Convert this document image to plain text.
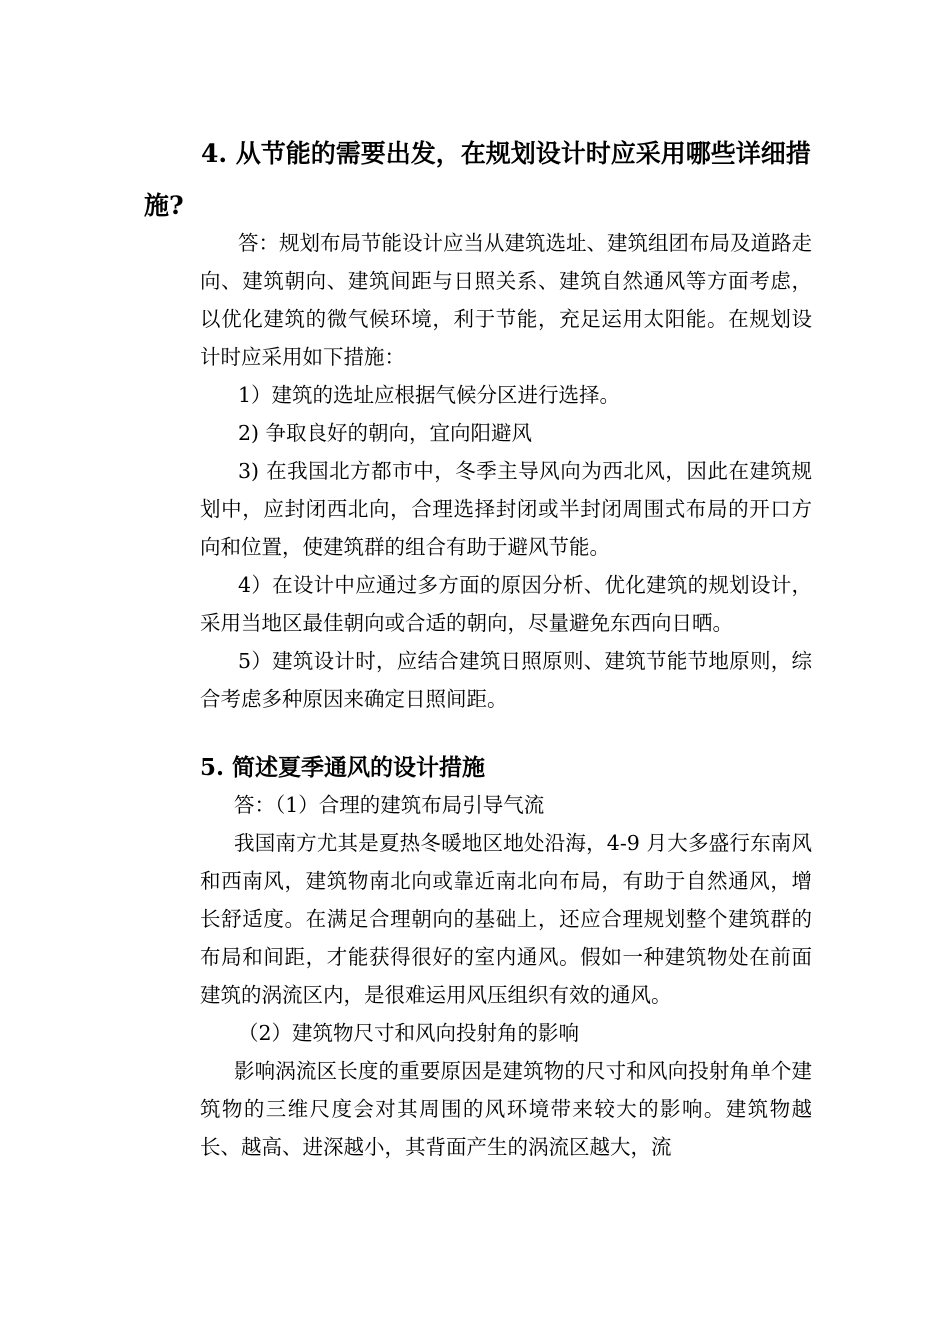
4. 从节能的需要出发，在规划设计时应采用哪些详细措施?

答：规划布局节能设计应当从建筑选址、建筑组团布局及道路走向、建筑朝向、建筑间距与日照关系、建筑自然通风等方面考虑，以优化建筑的微气候环境，利于节能，充足运用太阳能。在规划设计时应采用如下措施：

1）建筑的选址应根据气候分区进行选择。

2) 争取良好的朝向，宜向阳避风

3) 在我国北方都市中，冬季主导风向为西北风，因此在建筑规划中，应封闭西北向，合理选择封闭或半封闭周围式布局的开口方向和位置，使建筑群的组合有助于避风节能。

4）在设计中应通过多方面的原因分析、优化建筑的规划设计，采用当地区最佳朝向或合适的朝向，尽量避免东西向日晒。

5）建筑设计时，应结合建筑日照原则、建筑节能节地原则，综合考虑多种原因来确定日照间距。

5. 简述夏季通风的设计措施

答：（1）合理的建筑布局引导气流

我国南方尤其是夏热冬暖地区地处沿海，4-9 月大多盛行东南风和西南风，建筑物南北向或靠近南北向布局，有助于自然通风，增长舒适度。在满足合理朝向的基础上，还应合理规划整个建筑群的布局和间距，才能获得很好的室内通风。假如一种建筑物处在前面建筑的涡流区内，是很难运用风压组织有效的通风。

（2）建筑物尺寸和风向投射角的影响

影响涡流区长度的重要原因是建筑物的尺寸和风向投射角单个建筑物的三维尺度会对其周围的风环境带来较大的影响。建筑物越长、越高、进深越小，其背面产生的涡流区越大，流
